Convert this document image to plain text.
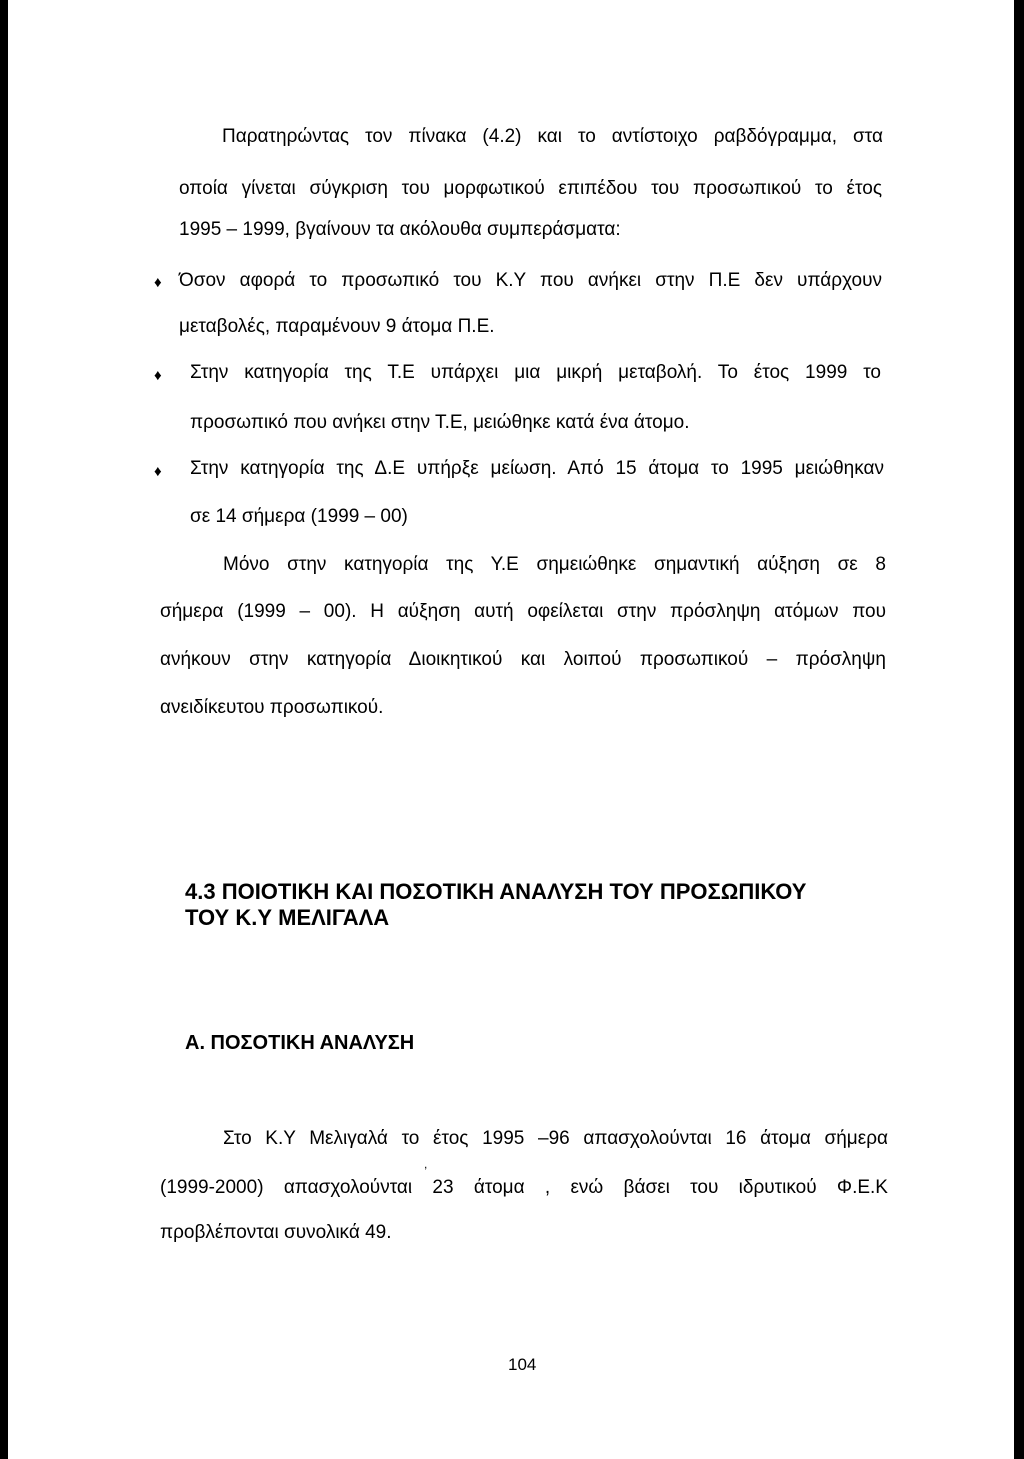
Παρατηρώντας τον πίνακα (4.2) και το αντίστοιχο ραβδόγραμμα, στα
οποία γίνεται σύγκριση του μορφωτικού επιπέδου του προσωπικού το έτος
1995 – 1999, βγαίνουν τα ακόλουθα συμπεράσματα:
♦ Όσον αφορά το προσωπικό του Κ.Υ που ανήκει στην Π.Ε δεν υπάρχουν
μεταβολές, παραμένουν 9 άτομα Π.Ε.
♦ Στην κατηγορία της Τ.Ε υπάρχει μια μικρή μεταβολή. Το έτος 1999 το
προσωπικό που ανήκει στην Τ.Ε, μειώθηκε κατά ένα άτομο.
♦ Στην κατηγορία της Δ.Ε υπήρξε μείωση. Από 15 άτομα το 1995 μειώθηκαν
σε 14 σήμερα (1999 – 00)
Μόνο στην κατηγορία της Υ.Ε σημειώθηκε σημαντική αύξηση σε 8
σήμερα (1999 – 00). Η αύξηση αυτή οφείλεται στην πρόσληψη ατόμων που
ανήκουν στην κατηγορία Διοικητικού και λοιπού προσωπικού – πρόσληψη
ανειδίκευτου προσωπικού.
4.3 ΠΟΙΟΤΙΚΗ ΚΑΙ ΠΟΣΟΤΙΚΗ ΑΝΑΛΥΣΗ ΤΟΥ ΠΡΟΣΩΠΙΚΟΥ
ΤΟΥ Κ.Υ ΜΕΛΙΓΑΛΑ
Α. ΠΟΣΟΤΙΚΗ ΑΝΑΛΥΣΗ
Στο Κ.Υ Μελιγαλά το έτος 1995 –96 απασχολούνται 16 άτομα σήμερα
,
(1999-2000) απασχολούνται 23 άτομα , ενώ βάσει του ιδρυτικού Φ.Ε.Κ
προβλέπονται συνολικά 49.
104
